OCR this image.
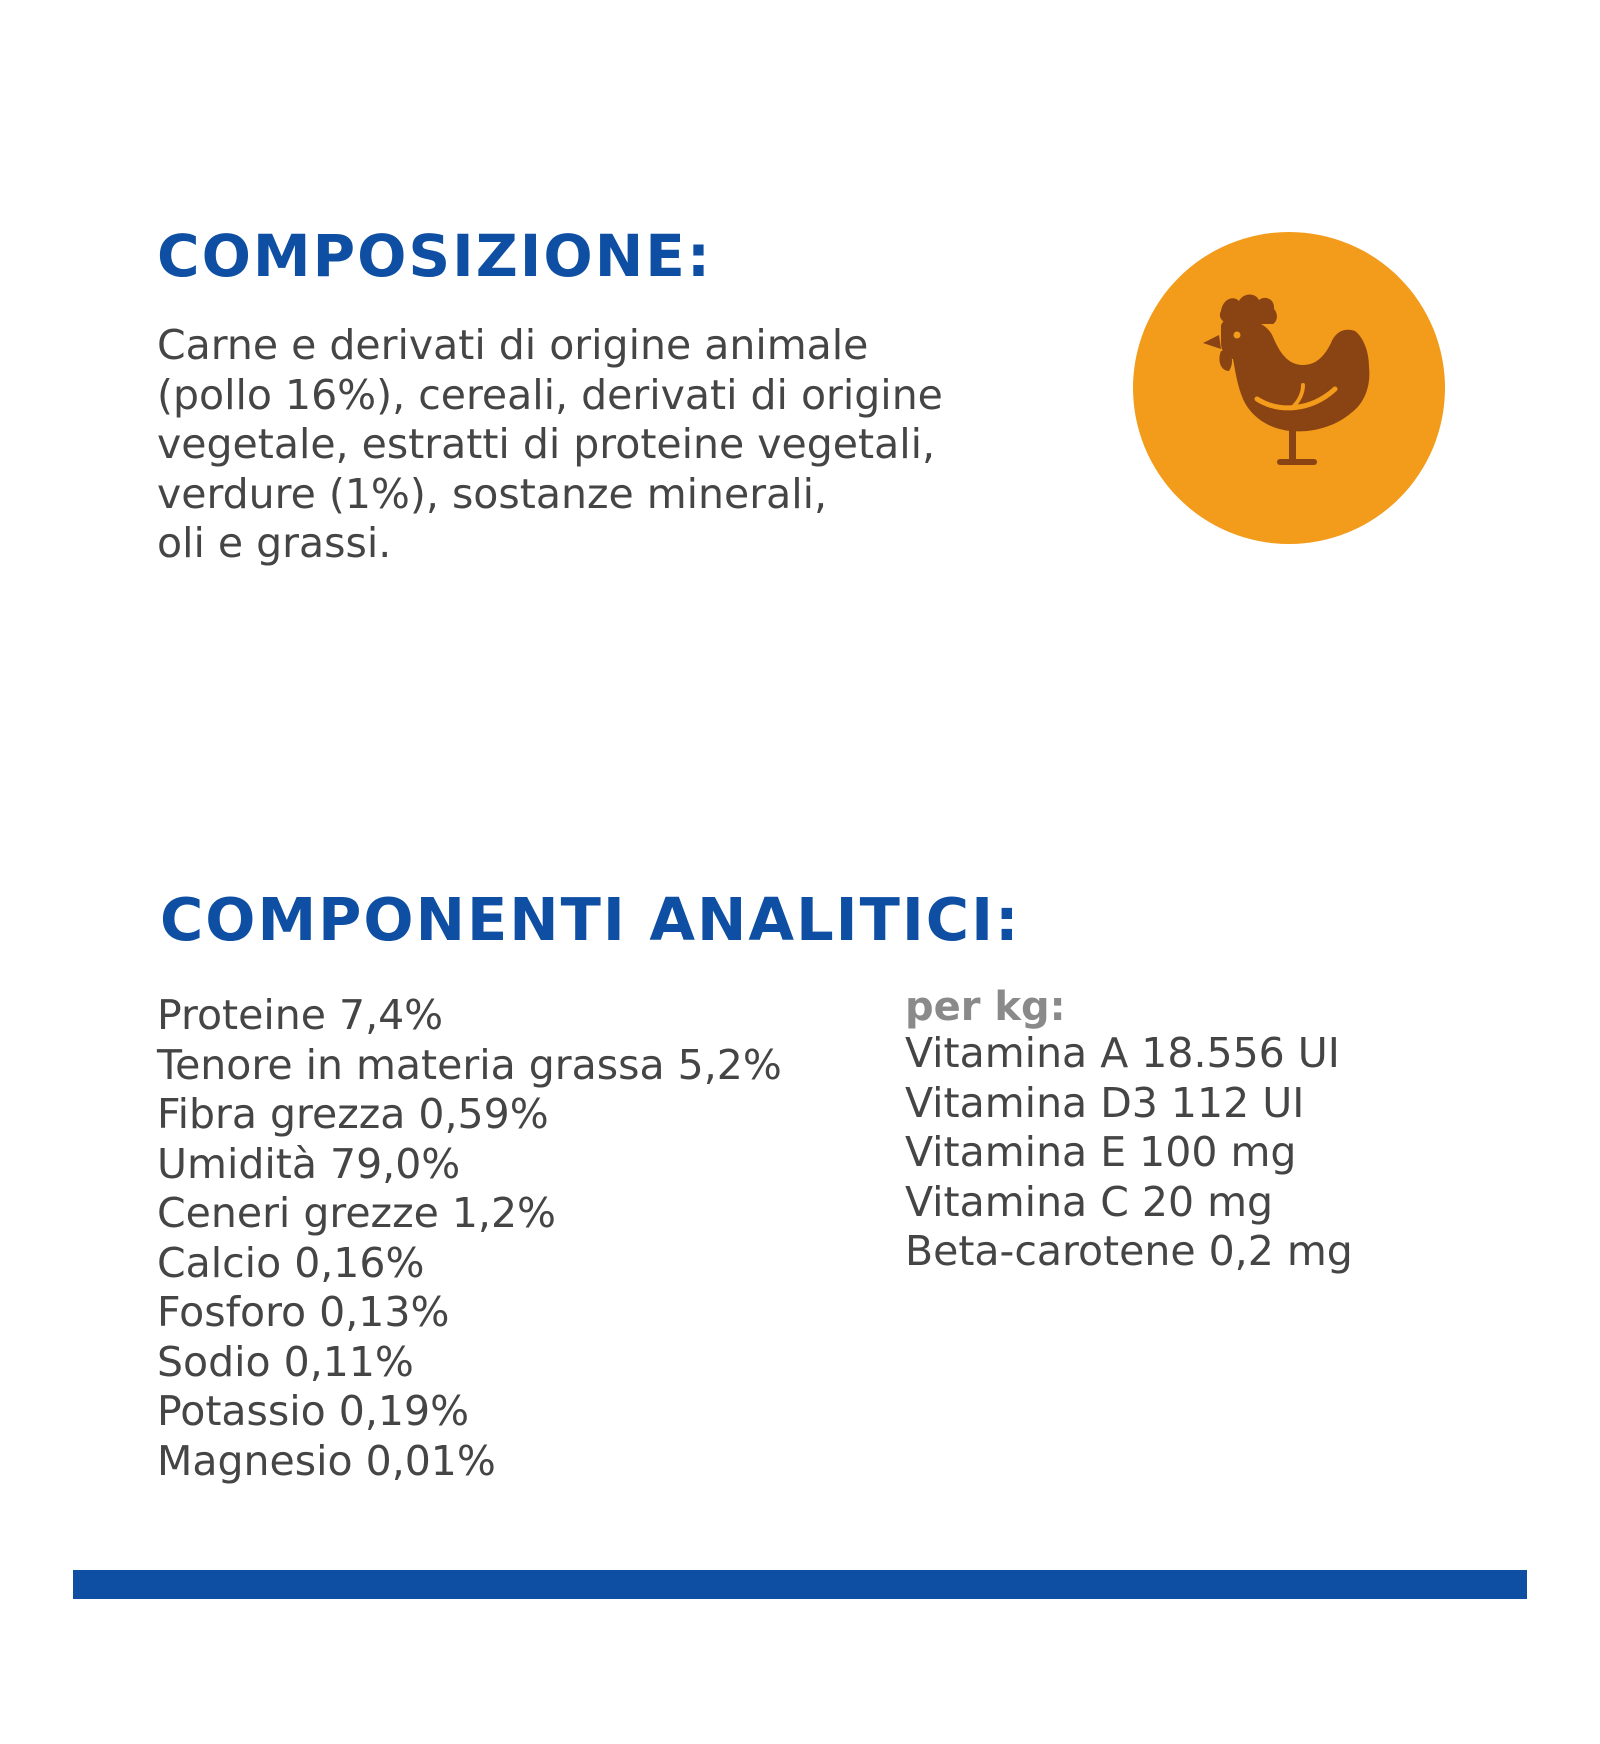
COMPOSIZIONE:
Carne e derivati di origine animale
(pollo 16%), cereali, derivati di origine
vegetale, estratti di proteine vegetali,
verdure (1%), sostanze minerali,
oli e grassi.
COMPONENTI ANALITICI:
Proteine 7,4%
Tenore in materia grassa 5,2%
Fibra grezza 0,59%
Umidità 79,0%
Ceneri grezze 1,2%
Calcio 0,16%
Fosforo 0,13%
Sodio 0,11%
Potassio 0,19%
Magnesio 0,01%
per kg:
Vitamina A 18.556 UI
Vitamina D3 112 UI
Vitamina E 100 mg
Vitamina C 20 mg
Beta-carotene 0,2 mg
